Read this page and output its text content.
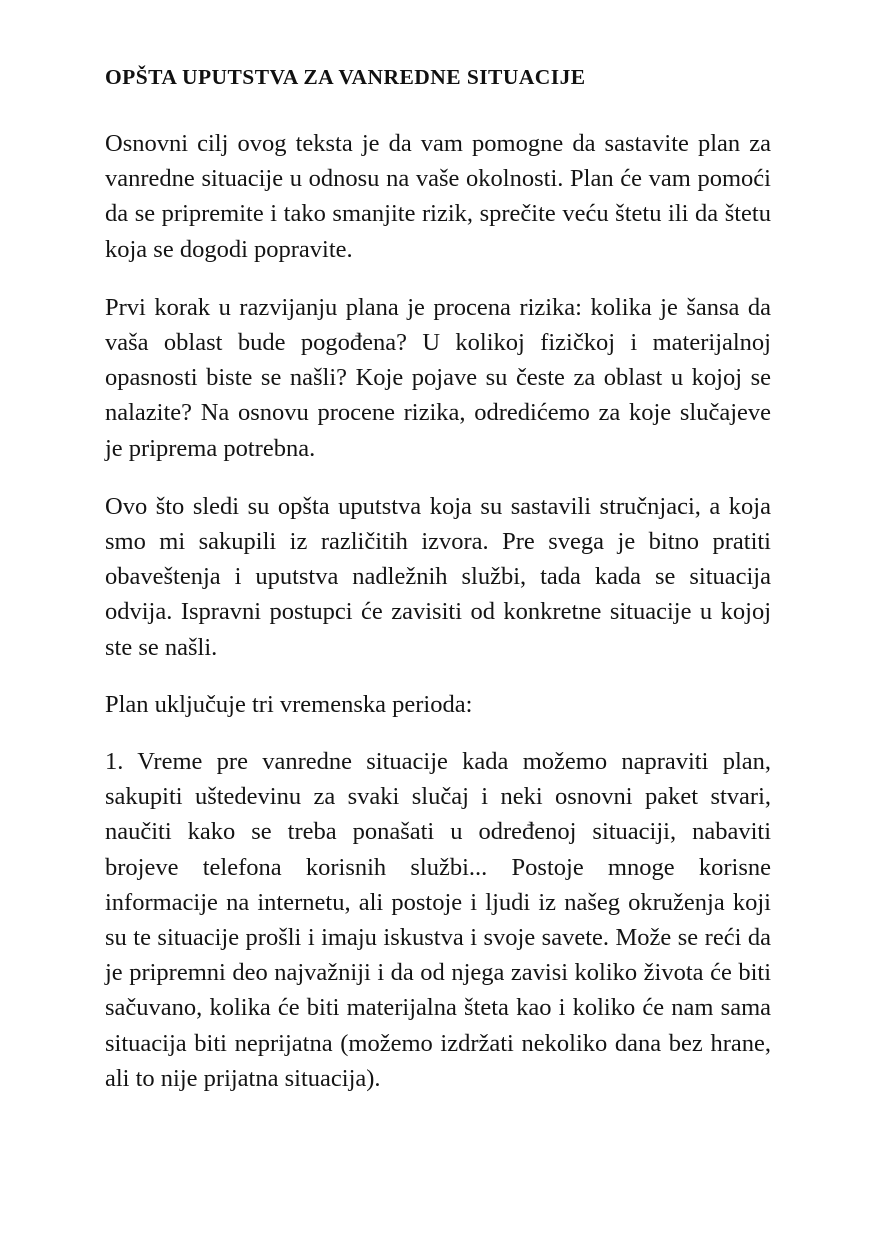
OPŠTA UPUTSTVA ZA VANREDNE SITUACIJE

Osnovni cilj ovog teksta je da vam pomogne da sastavite plan za vanredne situacije u odnosu na vaše okolnosti. Plan će vam pomoći da se pripremite i tako smanjite rizik, sprečite veću štetu ili da štetu koja se dogodi popravite.

Prvi korak u razvijanju plana je procena rizika: kolika je šansa da vaša oblast bude pogođena? U kolikoj fizičkoj i materijalnoj opasnosti biste se našli? Koje pojave su česte za oblast u kojoj se nalazite? Na osnovu procene rizika, odredićemo za koje slučajeve je priprema potrebna.

Ovo što sledi su opšta uputstva koja su sastavili stručnjaci, a koja smo mi sakupili iz različitih izvora. Pre svega je bitno pratiti obaveštenja i uputstva nadležnih službi, tada kada se situacija odvija. Ispravni postupci će zavisiti od konkretne situacije u kojoj ste se našli.

Plan uključuje tri vremenska perioda:

1. Vreme pre vanredne situacije kada možemo napraviti plan, sakupiti uštedevinu za svaki slučaj i neki osnovni paket stvari, naučiti kako se treba ponašati u određenoj situaciji, nabaviti brojeve telefona korisnih službi... Postoje mnoge korisne informacije na internetu, ali postoje i ljudi iz našeg okruženja koji su te situacije prošli i imaju iskustva i svoje savete. Može se reći da je pripremni deo najvažniji i da od njega zavisi koliko života će biti sačuvano, kolika će biti materijalna šteta kao i koliko će nam sama situacija biti neprijatna (možemo izdržati nekoliko dana bez hrane, ali to nije prijatna situacija).
